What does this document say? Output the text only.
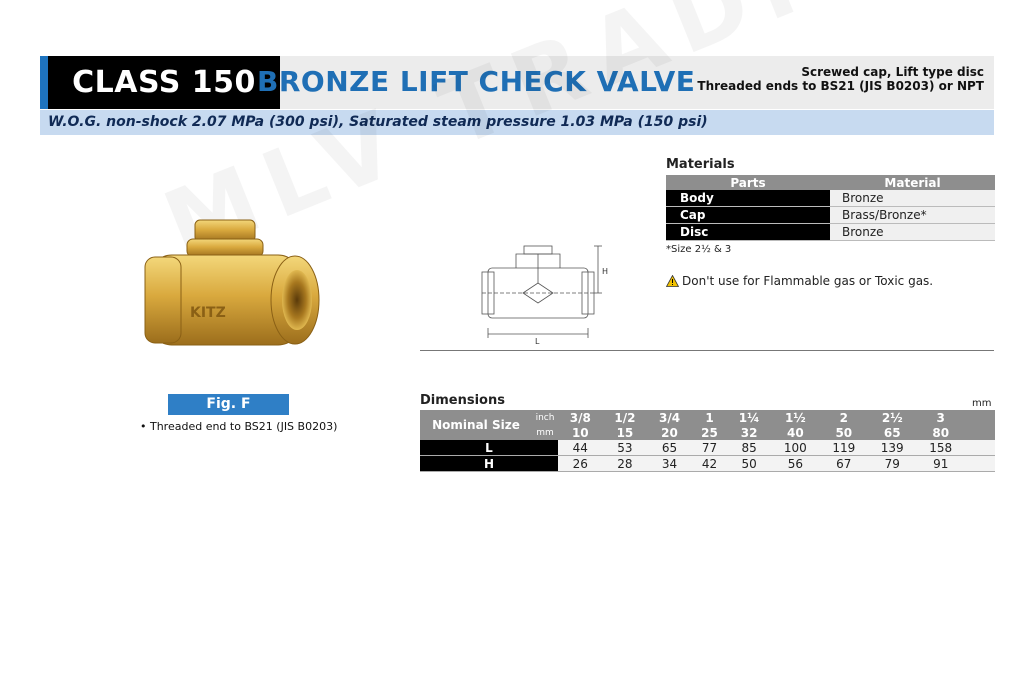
CLASS 150 BRONZE LIFT CHECK VALVE	Screwed cap, Lift type disc
Threaded ends to BS21 (JIS B0203) or NPT
W.O.G. non-shock 2.07 MPa (300 psi), Saturated steam pressure 1.03 MPa (150 psi)
KITZ
Fig. F
• Threaded end to BS21 (JIS B0203)
H
L
Materials
Parts	Material
Body	Bronze
Cap	Brass/Bronze*
Disc	Bronze
*Size 2½ & 3
Don't use for Flammable gas or Toxic gas.
Dimensions	mm
Nominal Size	inch	3/8	1/2	3/4	1	1¼	1½	2	2½	3	
	mm	10	15	20	25	32	40	50	65	80	
L		44	53	65	77	85	100	119	139	158	
H		26	28	34	42	50	56	67	79	91	
